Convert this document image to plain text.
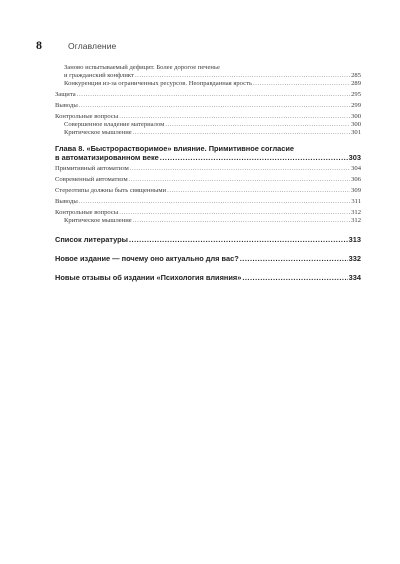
8	Оглавление
Заново испытываемый дефицит. Более дорогое печенье
и гражданский конфликт .....	285
Конкуренция из-за ограниченных ресурсов. Неоправданная ярость .....	289
Защита .....	295
Выводы .....	299
Контрольные вопросы .....	300
Совершенное владение материалом .....	300
Критическое мышление .....	301
Глава 8. «Быстрорастворимое» влияние. Примитивное согласие
в автоматизированном веке .....	303
Примитивный автоматизм .....	304
Современный автоматизм .....	306
Стереотипы должны быть священными .....	309
Выводы .....	311
Контрольные вопросы .....	312
Критическое мышление .....	312
Список литературы .....	313
Новое издание — почему оно актуально для вас? .....	332
Новые отзывы об издании «Психология влияния» .....	334
